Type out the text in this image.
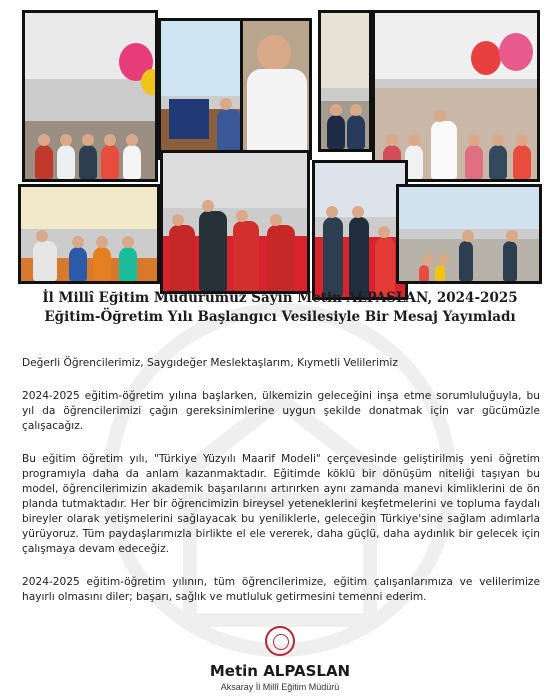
İl Millî Eğitim Müdürümüz Sayın Metin ALPASLAN, 2024-2025
Eğitim-Öğretim Yılı Başlangıcı Vesilesiyle Bir Mesaj Yayımladı

Değerli Öğrencilerimiz, Saygıdeğer Meslektaşlarım, Kıymetli Velilerimiz

2024-2025 eğitim-öğretim yılına başlarken, ülkemizin geleceğini inşa etme sorumluluğuyla, bu yıl da öğrencilerimizi çağın gereksinimlerine uygun şekilde donatmak için var gücümüzle çalışacağız.

Bu eğitim öğretim yılı, "Türkiye Yüzyılı Maarif Modeli" çerçevesinde geliştirilmiş yeni öğretim programıyla daha da anlam kazanmaktadır. Eğitimde köklü bir dönüşüm niteliği taşıyan bu model, öğrencilerimizin akademik başarılarını artırırken aynı zamanda manevi kimliklerini de ön planda tutmaktadır. Her bir öğrencimizin bireysel yeteneklerini keşfetmelerini ve topluma faydalı bireyler olarak yetişmelerini sağlayacak bu yeniliklerle, geleceğin Türkiye'sine sağlam adımlarla yürüyoruz. Tüm paydaşlarımızla birlikte el ele vererek, daha güçlü, daha aydınlık bir gelecek için çalışmaya devam edeceğiz.

2024-2025 eğitim-öğretim yılının, tüm öğrencilerimize, eğitim çalışanlarımıza ve velilerimize hayırlı olmasını diler; başarı, sağlık ve mutluluk getirmesini temenni ederim.

Metin ALPASLAN
Aksaray İl Millî Eğitim Müdürü
